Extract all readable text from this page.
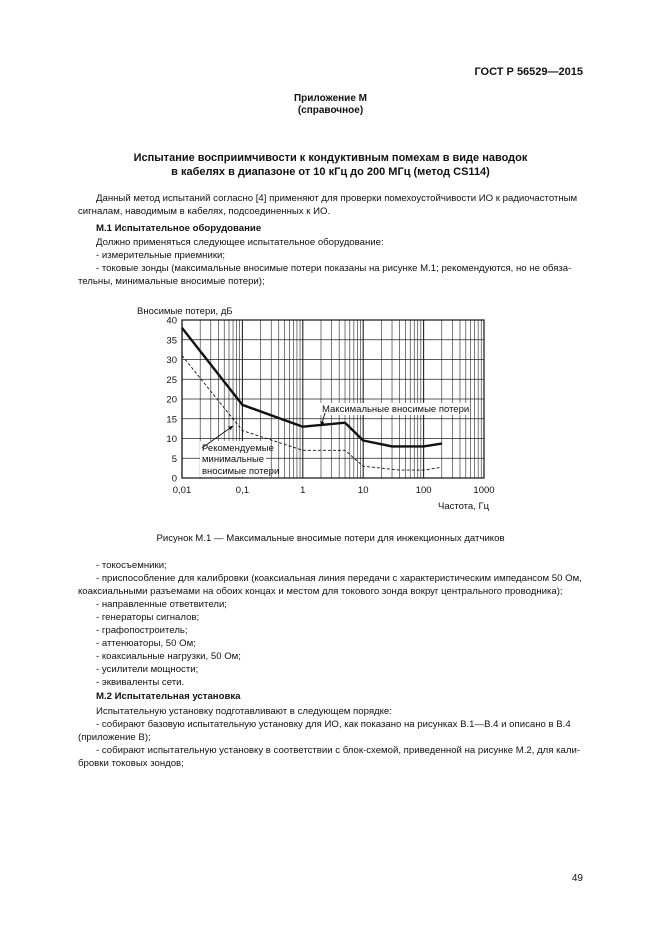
ГОСТ Р 56529—2015
Приложение М
(справочное)
Испытание восприимчивости к кондуктивным помехам в виде наводок
в кабелях в диапазоне от 10 кГц до 200 МГц (метод CS114)
Данный метод испытаний согласно [4] применяют для проверки помехоустойчивости ИО к радиочастотным
сигналам, наводимым в кабелях, подсоединенных к ИО.
М.1 Испытательное оборудование
Должно применяться следующее испытательное оборудование:
- измерительные приемники;
- токовые зонды (максимальные вносимые потери показаны на рисунке М.1; рекомендуются, но не обяза-
тельны, минимальные вносимые потери);
Вносимые потери, дБ
0
5
10
15
20
25
30
35
40
0,01	0,1	1	10	100	1000
Максимальные вносимые потери
Рекомендуемые
минимальные
вносимые потери
Частота, Гц
Рисунок М.1 — Максимальные вносимые потери для инжекционных датчиков
- токосъемники;
- приспособление для калибровки (коаксиальная линия передачи с характеристическим импедансом 50 Ом,
коаксиальными разъемами на обоих концах и местом для токового зонда вокруг центрального проводника);
- направленные ответвители;
- генераторы сигналов;
- графопостроитель;
- аттенюаторы, 50 Ом;
- коаксиальные нагрузки, 50 Ом;
- усилители мощности;
- эквиваленты сети.
М.2 Испытательная установка
Испытательную установку подготавливают в следующем порядке:
- собирают базовую испытательную установку для ИО, как показано на рисунках В.1—В.4 и описано в В.4
(приложение В);
- собирают испытательную установку в соответствии с блок-схемой, приведенной на рисунке М.2, для кали-
бровки токовых зондов;
49
